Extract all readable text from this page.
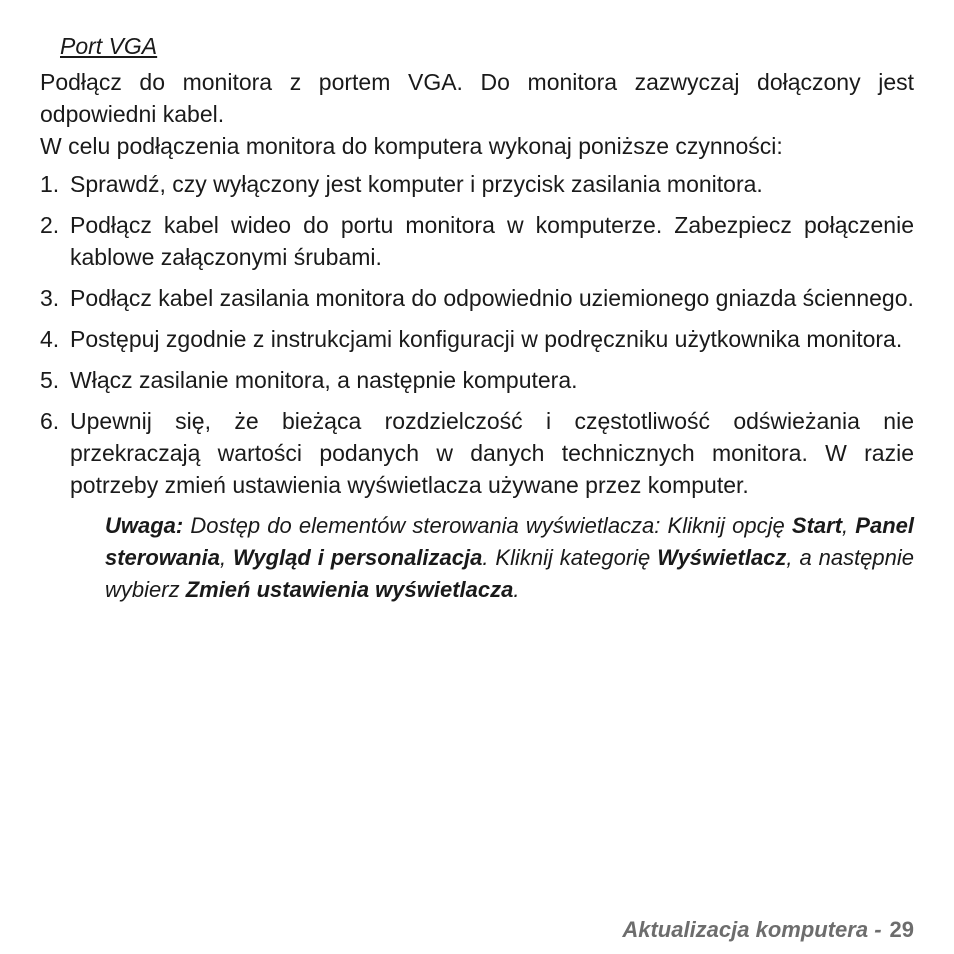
Port VGA

Podłącz do monitora z portem VGA. Do monitora zazwyczaj dołączony jest odpowiedni kabel.

W celu podłączenia monitora do komputera wykonaj poniższe czynności:

1. Sprawdź, czy wyłączony jest komputer i przycisk zasilania monitora.
2. Podłącz kabel wideo do portu monitora w komputerze. Zabezpiecz połączenie kablowe załączonymi śrubami.
3. Podłącz kabel zasilania monitora do odpowiednio uziemionego gniazda ściennego.
4. Postępuj zgodnie z instrukcjami konfiguracji w podręczniku użytkownika monitora.
5. Włącz zasilanie monitora, a następnie komputera.
6. Upewnij się, że bieżąca rozdzielczość i częstotliwość odświeżania nie przekraczają wartości podanych w danych technicznych monitora. W razie potrzeby zmień ustawienia wyświetlacza używane przez komputer.

Uwaga: Dostęp do elementów sterowania wyświetlacza: Kliknij opcję Start, Panel sterowania, Wygląd i personalizacja. Kliknij kategorię Wyświetlacz, a następnie wybierz Zmień ustawienia wyświetlacza.

Aktualizacja komputera - 29
